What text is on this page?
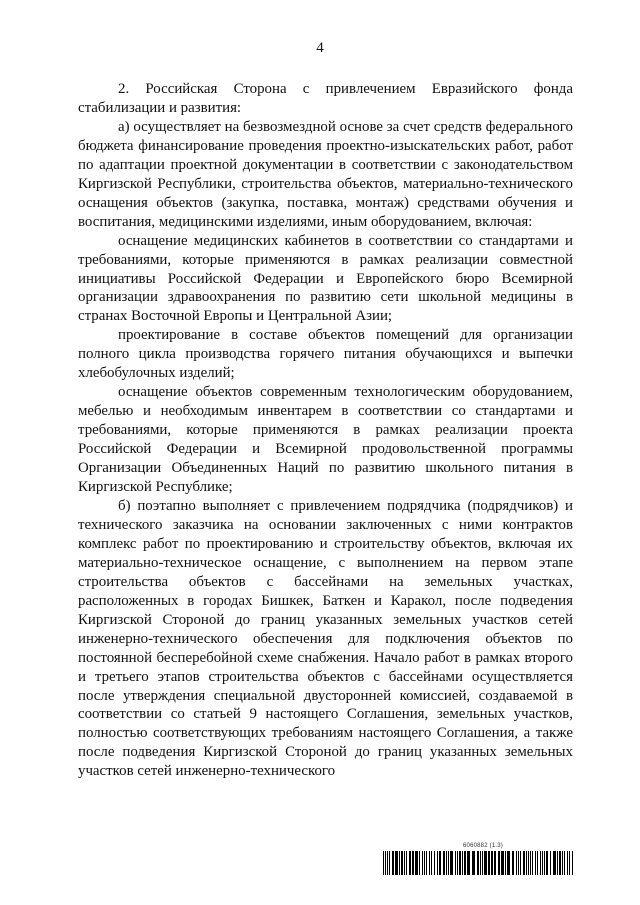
4

2. Российская Сторона с привлечением Евразийского фонда стабилизации и развития:

а) осуществляет на безвозмездной основе за счет средств федерального бюджета финансирование проведения проектно-изыскательских работ, работ по адаптации проектной документации в соответствии с законодательством Киргизской Республики, строительства объектов, материально-технического оснащения объектов (закупка, поставка, монтаж) средствами обучения и воспитания, медицинскими изделиями, иным оборудованием, включая:

оснащение медицинских кабинетов в соответствии со стандартами и требованиями, которые применяются в рамках реализации совместной инициативы Российской Федерации и Европейского бюро Всемирной организации здравоохранения по развитию сети школьной медицины в странах Восточной Европы и Центральной Азии;

проектирование в составе объектов помещений для организации полного цикла производства горячего питания обучающихся и выпечки хлебобулочных изделий;

оснащение объектов современным технологическим оборудованием, мебелью и необходимым инвентарем в соответствии со стандартами и требованиями, которые применяются в рамках реализации проекта Российской Федерации и Всемирной продовольственной программы Организации Объединенных Наций по развитию школьного питания в Киргизской Республике;

б) поэтапно выполняет с привлечением подрядчика (подрядчиков) и технического заказчика на основании заключенных с ними контрактов комплекс работ по проектированию и строительству объектов, включая их материально-техническое оснащение, с выполнением на первом этапе строительства объектов с бассейнами на земельных участках, расположенных в городах Бишкек, Баткен и Каракол, после подведения Киргизской Стороной до границ указанных земельных участков сетей инженерно-технического обеспечения для подключения объектов по постоянной бесперебойной схеме снабжения. Начало работ в рамках второго и третьего этапов строительства объектов с бассейнами осуществляется после утверждения специальной двусторонней комиссией, создаваемой в соответствии со статьей 9 настоящего Соглашения, земельных участков, полностью соответствующих требованиям настоящего Соглашения, а также после подведения Киргизской Стороной до границ указанных земельных участков сетей инженерно-технического

6060882 (1.3)
